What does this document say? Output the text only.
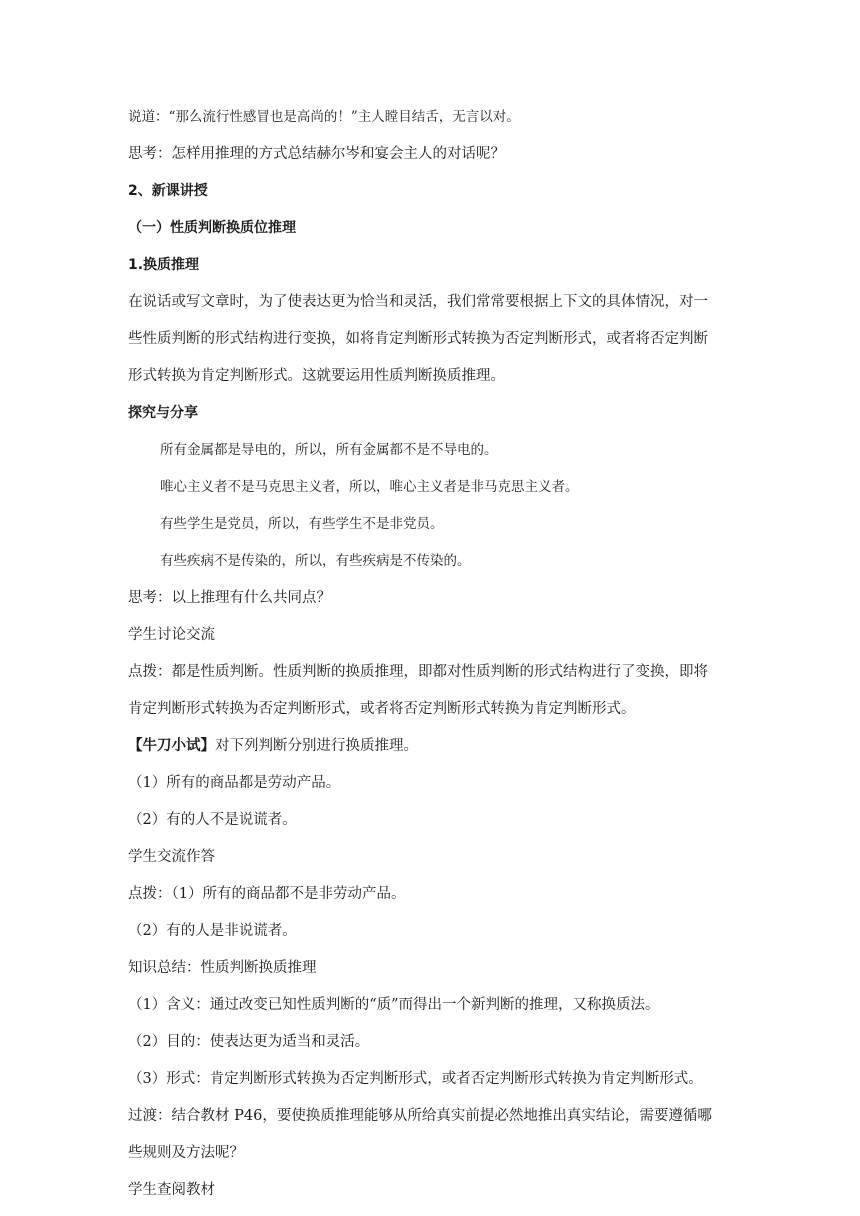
说道：“那么流行性感冒也是高尚的！”主人瞠目结舌，无言以对。
思考：怎样用推理的方式总结赫尔岑和宴会主人的对话呢？
2、新课讲授
（一）性质判断换质位推理
1.换质推理
在说话或写文章时，为了使表达更为恰当和灵活，我们常常要根据上下文的具体情况，对一
些性质判断的形式结构进行变换，如将肯定判断形式转换为否定判断形式，或者将否定判断
形式转换为肯定判断形式。这就要运用性质判断换质推理。
探究与分享
所有金属都是导电的，所以，所有金属都不是不导电的。
唯心主义者不是马克思主义者，所以，唯心主义者是非马克思主义者。
有些学生是党员，所以，有些学生不是非党员。
有些疾病不是传染的，所以，有些疾病是不传染的。
思考：以上推理有什么共同点？
学生讨论交流
点拨：都是性质判断。性质判断的换质推理，即都对性质判断的形式结构进行了变换，即将
肯定判断形式转换为否定判断形式，或者将否定判断形式转换为肯定判断形式。
【牛刀小试】对下列判断分别进行换质推理。
（1）所有的商品都是劳动产品。
（2）有的人不是说谎者。
学生交流作答
点拨：（1）所有的商品都不是非劳动产品。
（2）有的人是非说谎者。
知识总结：性质判断换质推理
（1）含义：通过改变已知性质判断的“质”而得出一个新判断的推理，又称换质法。
（2）目的：使表达更为适当和灵活。
（3）形式：肯定判断形式转换为否定判断形式，或者否定判断形式转换为肯定判断形式。
过渡：结合教材 P46，要使换质推理能够从所给真实前提必然地推出真实结论，需要遵循哪
些规则及方法呢？
学生查阅教材
